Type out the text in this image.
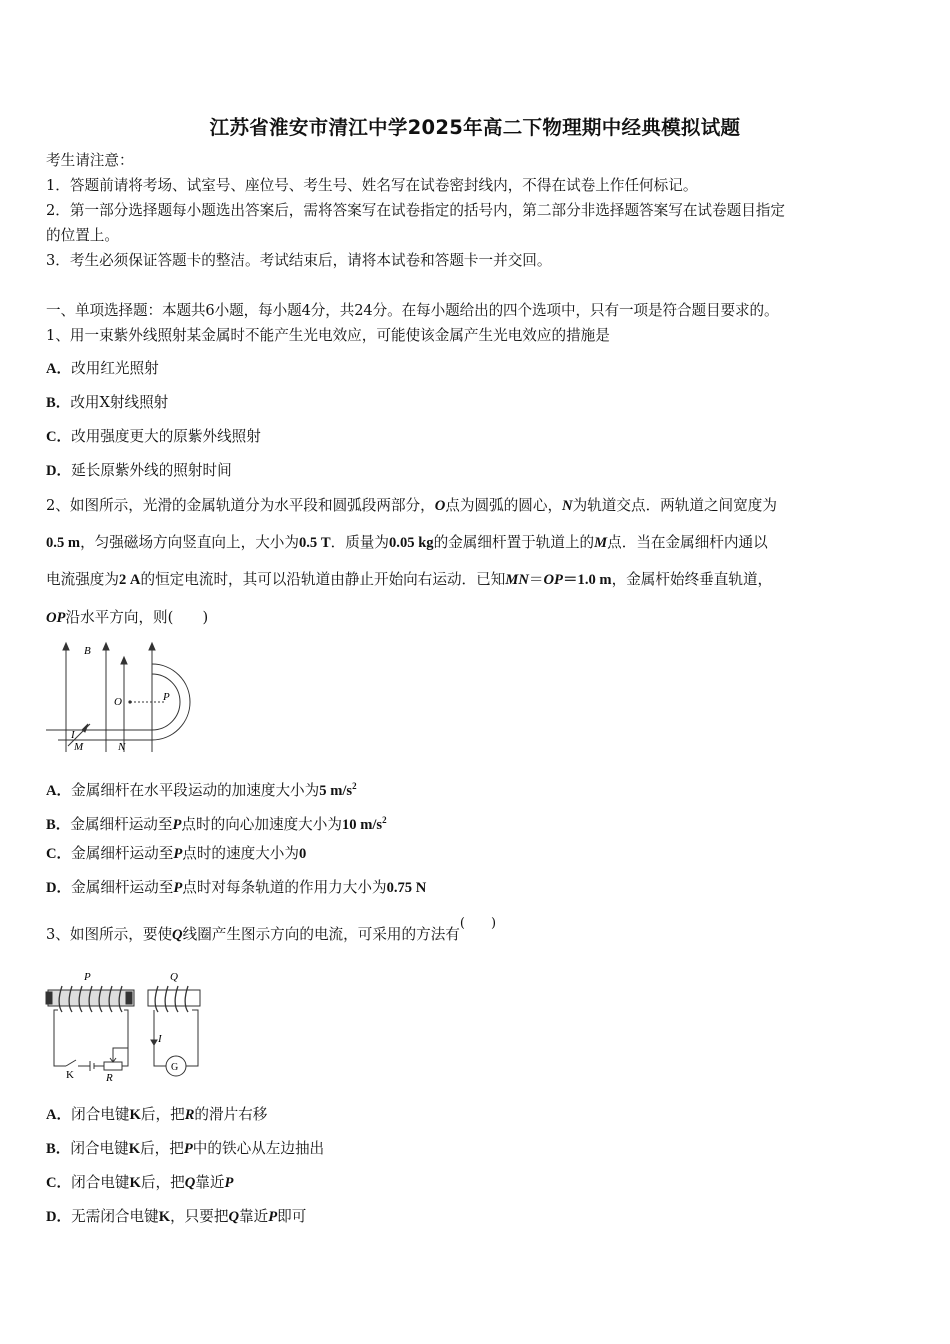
江苏省淮安市清江中学2025年高二下物理期中经典模拟试题
考生请注意：
1．答题前请将考场、试室号、座位号、考生号、姓名写在试卷密封线内，不得在试卷上作任何标记。
2．第一部分选择题每小题选出答案后，需将答案写在试卷指定的括号内，第二部分非选择题答案写在试卷题目指定
的位置上。
3．考生必须保证答题卡的整洁。考试结束后，请将本试卷和答题卡一并交回。
一、单项选择题：本题共6小题，每小题4分，共24分。在每小题给出的四个选项中，只有一项是符合题目要求的。
1、用一束紫外线照射某金属时不能产生光电效应，可能使该金属产生光电效应的措施是
A．改用红光照射
B．改用X射线照射
C．改用强度更大的原紫外线照射
D．延长原紫外线的照射时间
2、如图所示，光滑的金属轨道分为水平段和圆弧段两部分，O点为圆弧的圆心，N为轨道交点．两轨道之间宽度为
0.5 m，匀强磁场方向竖直向上，大小为0.5 T．质量为0.05 kg的金属细杆置于轨道上的M点．当在金属细杆内通以
电流强度为2 A的恒定电流时，其可以沿轨道由静止开始向右运动．已知MN＝OP＝1.0 m，金属杆始终垂直轨道，
OP沿水平方向，则(　　)
B
O	P
I
M	N
A．金属细杆在水平段运动的加速度大小为5 $m/s^2$
B．金属细杆运动至P点时的向心加速度大小为10 $m/s^2$
C．金属细杆运动至P点时的速度大小为0
D．金属细杆运动至P点时对每条轨道的作用力大小为0.75 N
3、如图所示，要使Q线圈产生图示方向的电流，可采用的方法有(　　)
P	Q
I
K	R
G
A．闭合电键K后，把R的滑片右移
B．闭合电键K后，把P中的铁心从左边抽出
C．闭合电键K后，把Q靠近P
D．无需闭合电键K，只要把Q靠近P即可
